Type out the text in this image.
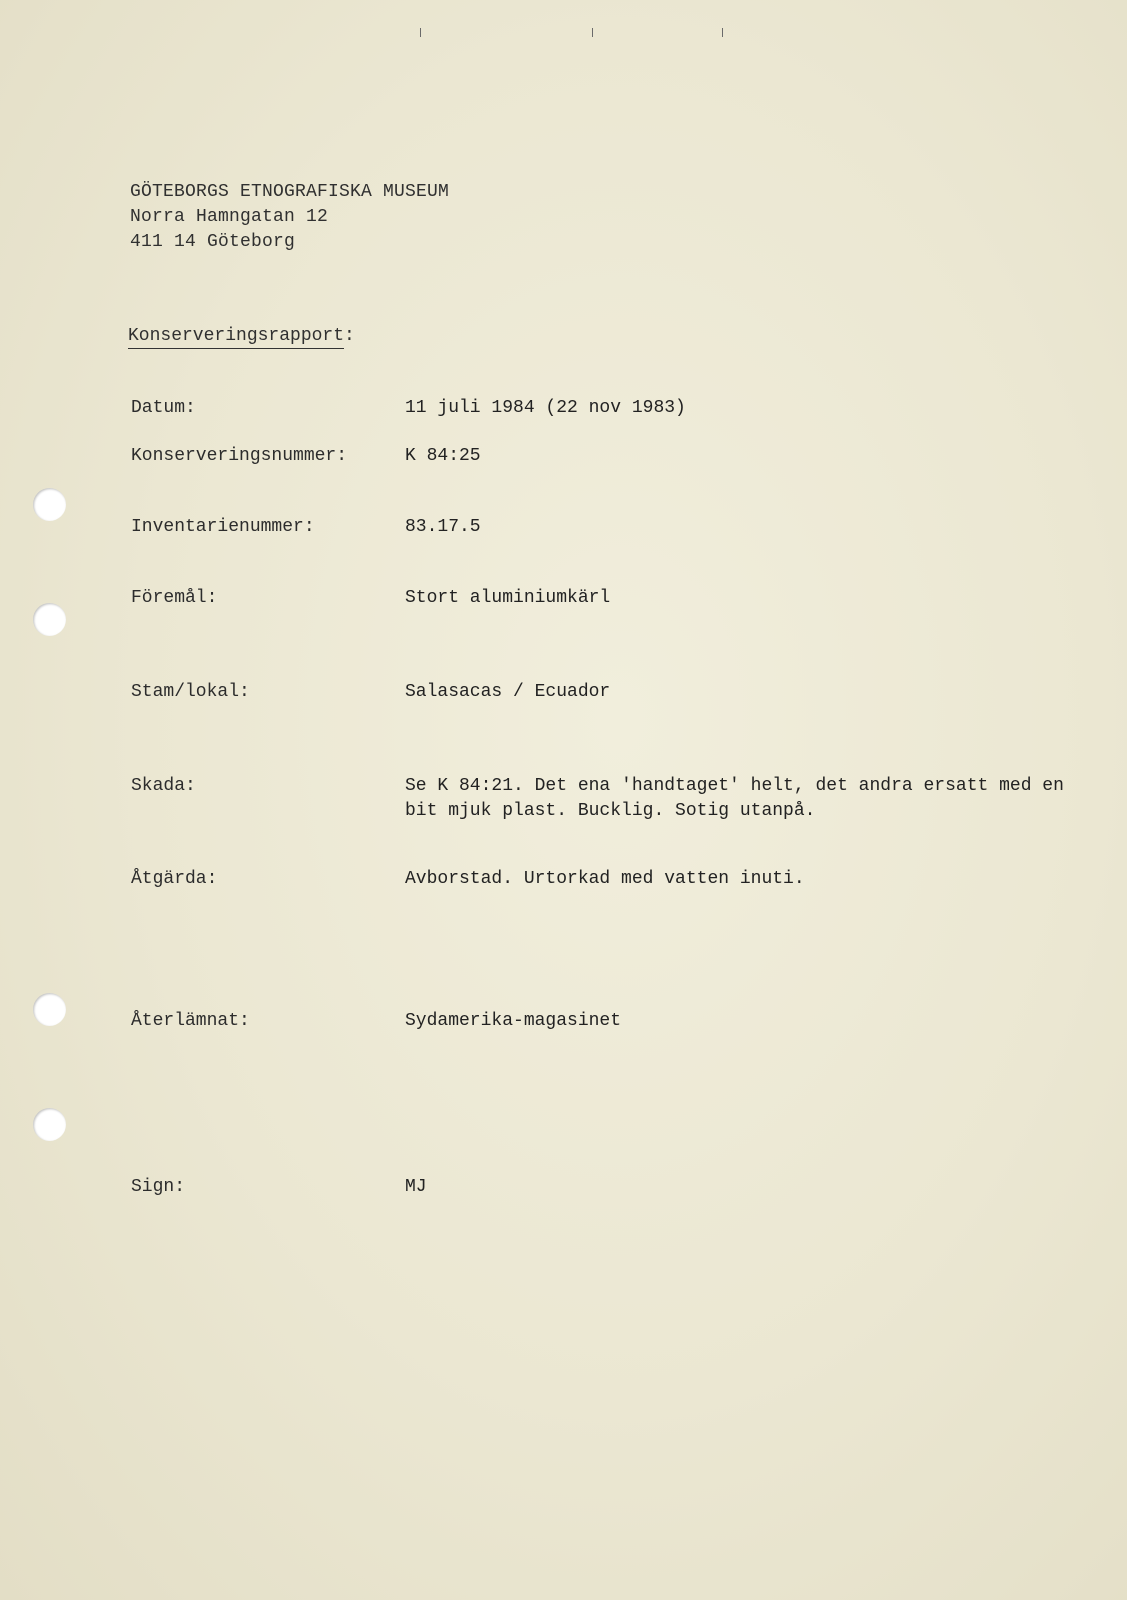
GÖTEBORGS ETNOGRAFISKA MUSEUM
Norra Hamngatan 12
411 14 Göteborg
Konserveringsrapport:
Datum:	11 juli 1984 (22 nov 1983)
Konserveringsnummer:	K 84:25
Inventarienummer:	83.17.5
Föremål:	Stort aluminiumkärl
Stam/lokal:	Salasacas / Ecuador
Skada:	Se K 84:21. Det ena 'handtaget' helt, det andra ersatt med en bit mjuk plast. Bucklig. Sotig utanpå.
Åtgärda:	Avborstad. Urtorkad med vatten inuti.
Återlämnat:	Sydamerika-magasinet
Sign:	MJ
